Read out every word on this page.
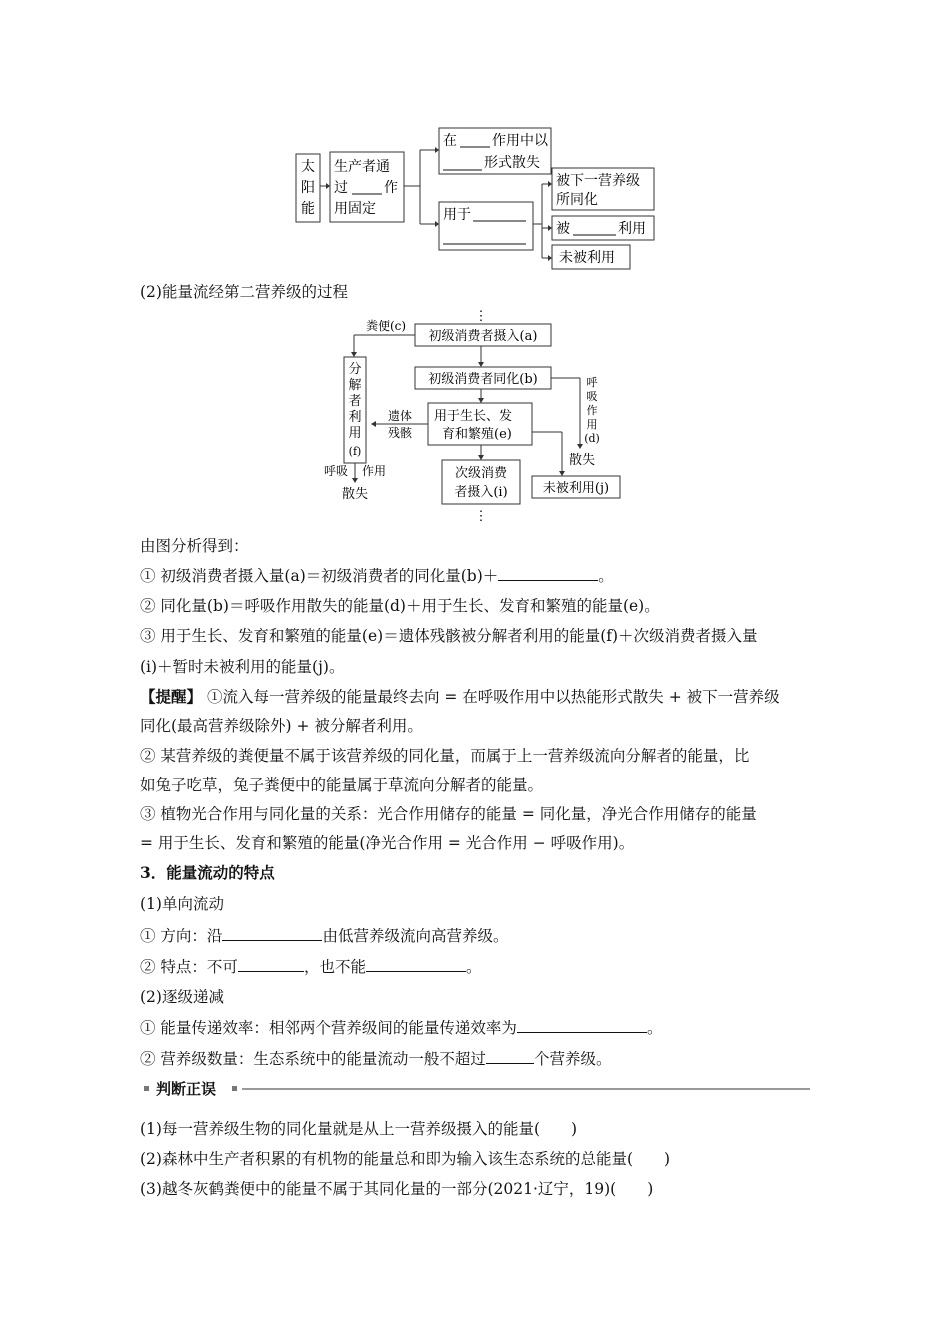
太
阳
能
生产者通
过	作
用固定
在	作用中以
形式散失
用于
被下一营养级
所同化
被	利用
未被利用
(2)能量流经第二营养级的过程
⋮
初级消费者摄入(a)
粪便(c)
初级消费者同化(b)	呼
吸
作
用
(d)
散失
用于生长、发
育和繁殖(e)
遗体
残骸
分
解
者
利
用
(f)
呼吸 作用
散失
次级消费
者摄入(i)
⋮
未被利用(j)
由图分析得到：
① 初级消费者摄入量(a)＝初级消费者的同化量(b)＋	。
② 同化量(b)＝呼吸作用散失的能量(d)＋用于生长、发育和繁殖的能量(e)。
③ 用于生长、发育和繁殖的能量(e)＝遗体残骸被分解者利用的能量(f)＋次级消费者摄入量
(i)＋暂时未被利用的能量(j)。
【提醒】 ①流入每一营养级的能量最终去向 = 在呼吸作用中以热能形式散失 + 被下一营养级
同化(最高营养级除外) + 被分解者利用。
② 某营养级的粪便量不属于该营养级的同化量，而属于上一营养级流向分解者的能量，比
如兔子吃草，兔子粪便中的能量属于草流向分解者的能量。
③ 植物光合作用与同化量的关系：光合作用储存的能量 = 同化量，净光合作用储存的能量
= 用于生长、发育和繁殖的能量(净光合作用 = 光合作用 − 呼吸作用)。
3．能量流动的特点
(1)单向流动
① 方向：沿	由低营养级流向高营养级。
② 特点：不可	，也不能	。
(2)逐级递减
① 能量传递效率：相邻两个营养级间的能量传递效率为	。
② 营养级数量：生态系统中的能量流动一般不超过	个营养级。
判断正误
(1)每一营养级生物的同化量就是从上一营养级摄入的能量(　　)
(2)森林中生产者积累的有机物的能量总和即为输入该生态系统的总能量(　　)
(3)越冬灰鹤粪便中的能量不属于其同化量的一部分(2021·辽宁，19)(　　)
